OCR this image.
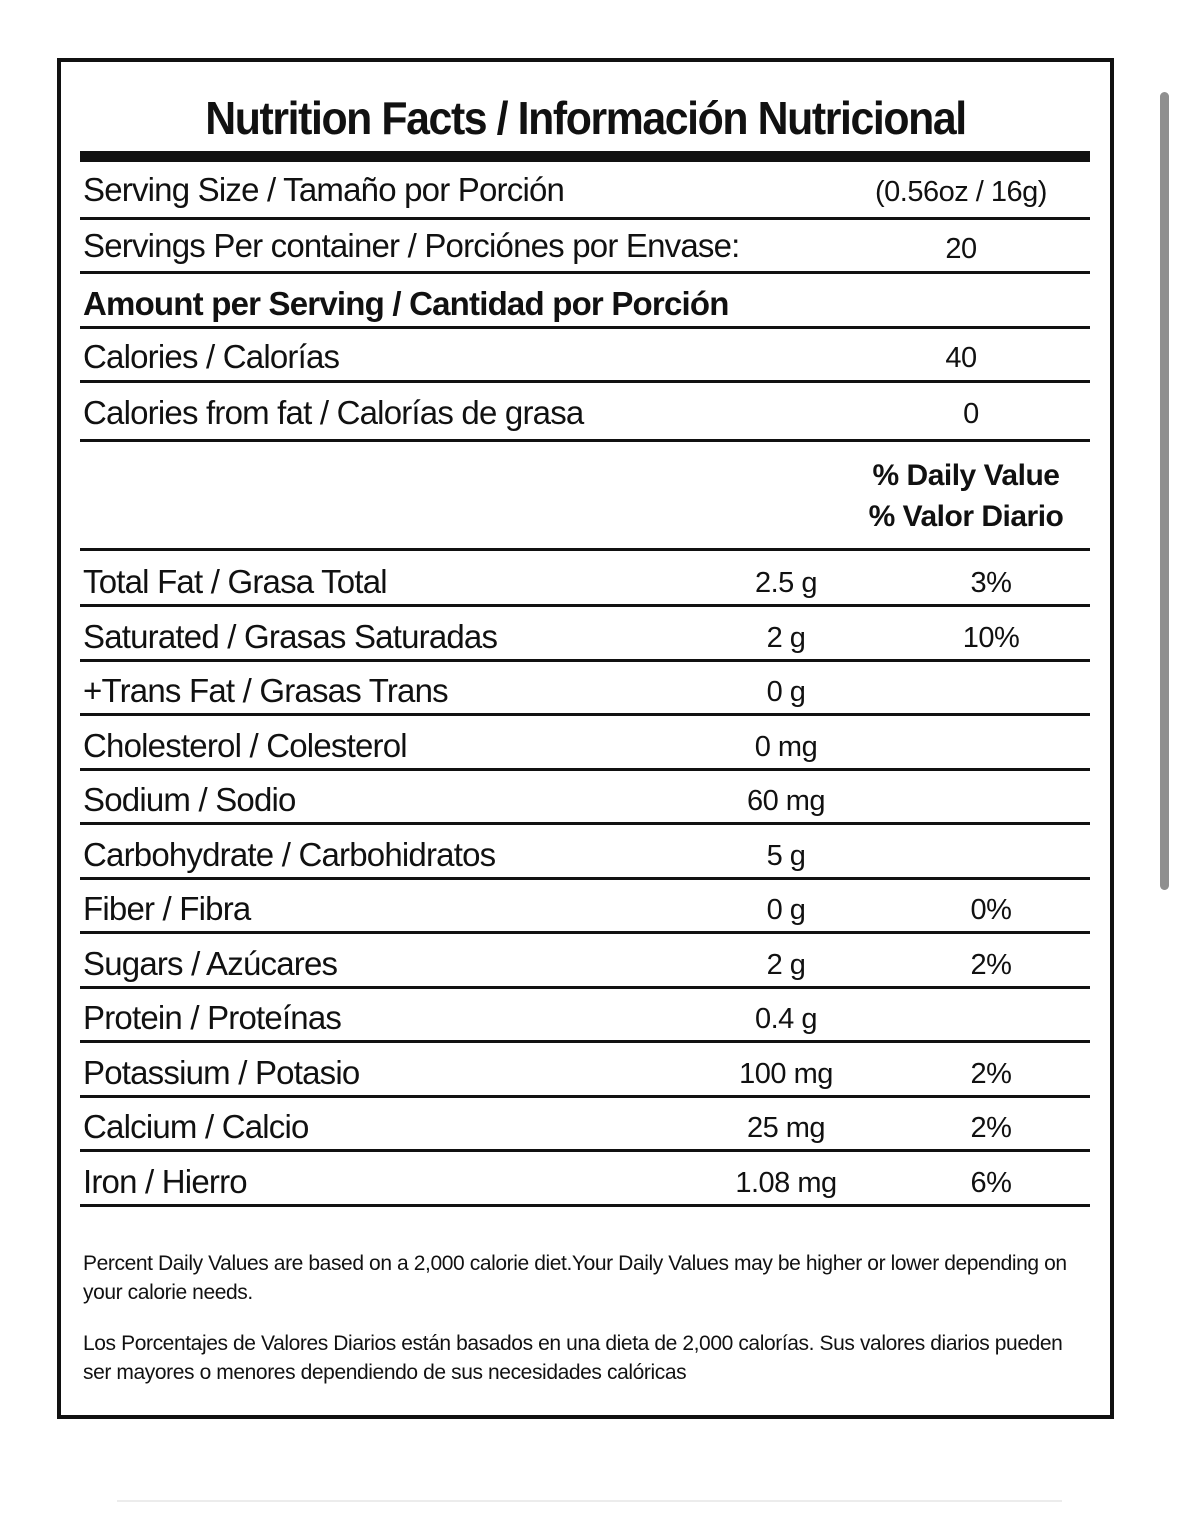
Nutrition Facts / Información Nutricional
Serving Size / Tamaño por Porción	(0.56oz / 16g)
Servings Per container / Porciónes por Envase:	20
Amount per Serving / Cantidad por Porción
Calories / Calorías	40
Calories from fat / Calorías de grasa	0
% Daily Value
% Valor Diario
Total Fat / Grasa Total	2.5 g	3%
Saturated / Grasas Saturadas	2 g	10%
+Trans Fat / Grasas Trans	0 g
Cholesterol / Colesterol	0 mg
Sodium / Sodio	60 mg
Carbohydrate / Carbohidratos	5 g
Fiber / Fibra	0 g	0%
Sugars / Azúcares	2 g	2%
Protein / Proteínas	0.4 g
Potassium / Potasio	100 mg	2%
Calcium / Calcio	25 mg	2%
Iron / Hierro	1.08 mg	6%
Percent Daily Values are based on a 2,000 calorie diet.Your Daily Values may be higher or lower depending on your calorie needs.
Los Porcentajes de Valores Diarios están basados en una dieta de 2,000 calorías. Sus valores diarios pueden ser mayores o menores dependiendo de sus necesidades calóricas
